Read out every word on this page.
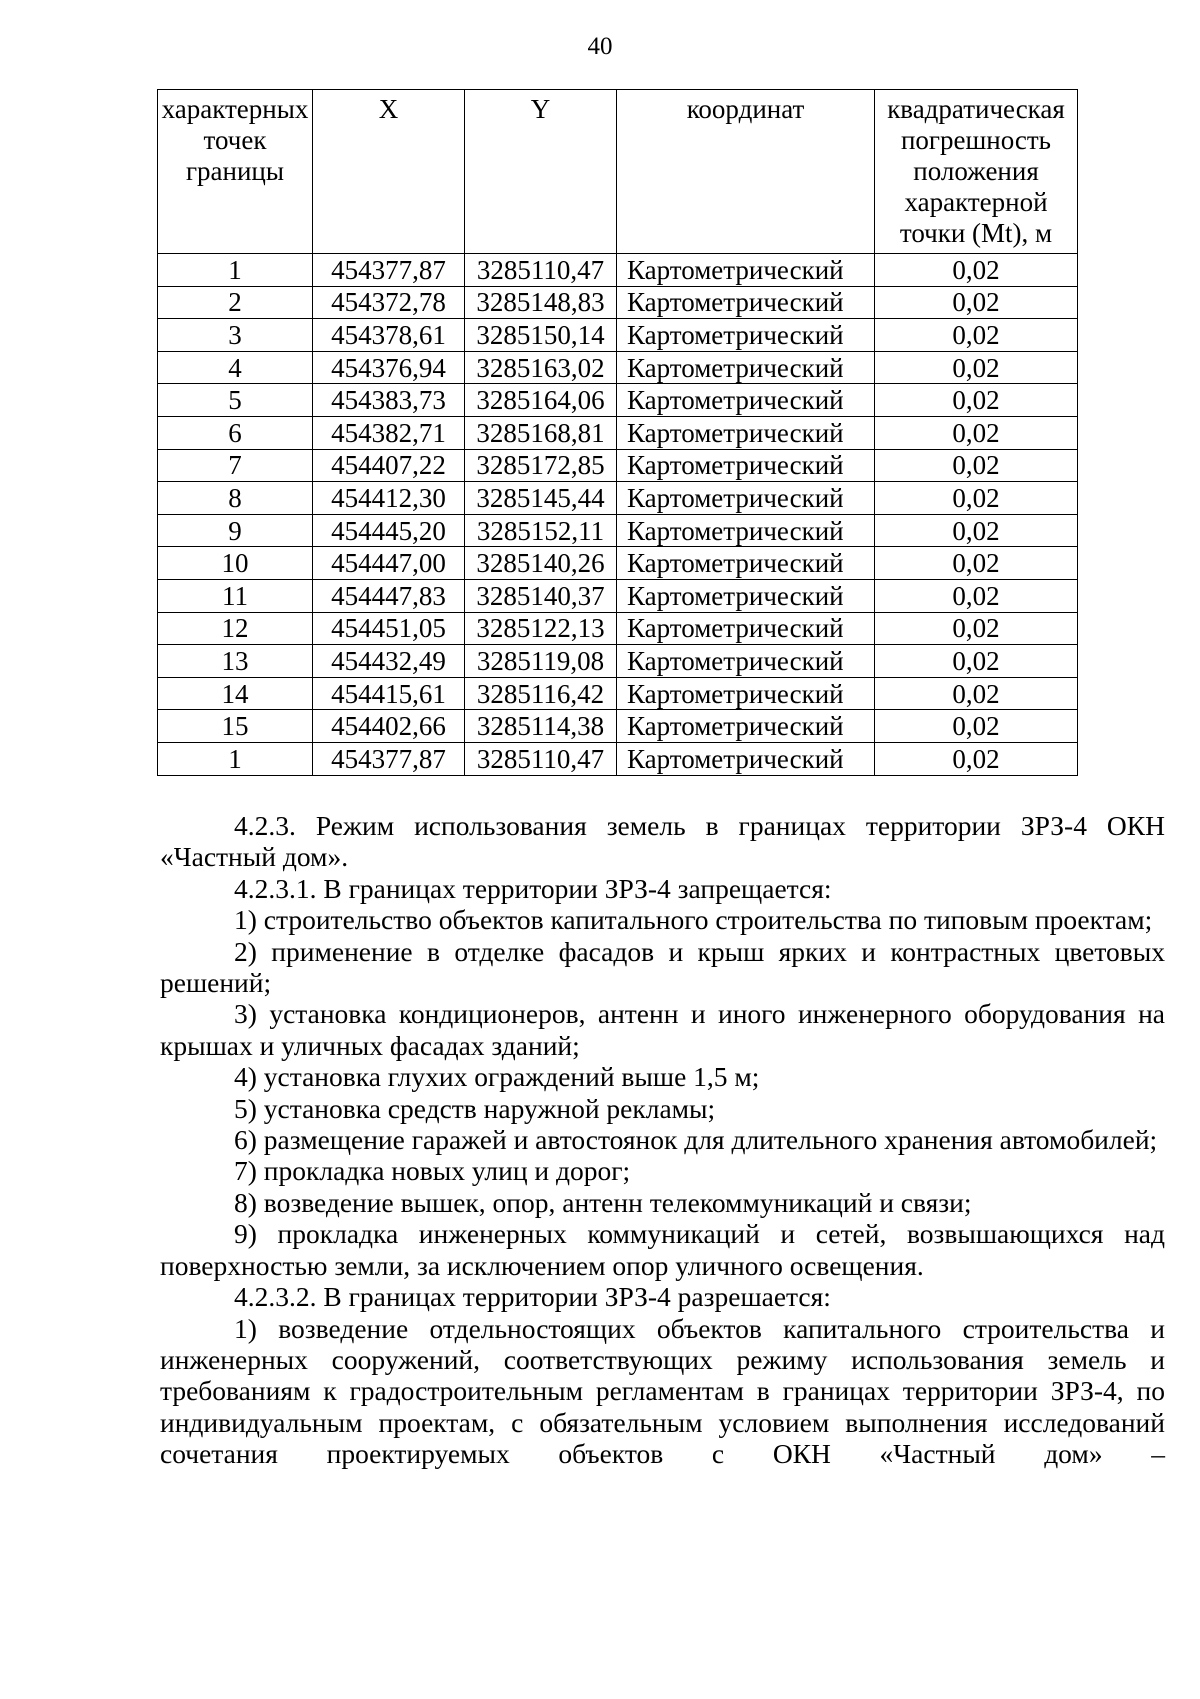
40
характерных точек границы	X	Y	координат	квадратическая погрешность положения характерной точки (Mt), м
1	454377,87	3285110,47	Картометрический	0,02
2	454372,78	3285148,83	Картометрический	0,02
3	454378,61	3285150,14	Картометрический	0,02
4	454376,94	3285163,02	Картометрический	0,02
5	454383,73	3285164,06	Картометрический	0,02
6	454382,71	3285168,81	Картометрический	0,02
7	454407,22	3285172,85	Картометрический	0,02
8	454412,30	3285145,44	Картометрический	0,02
9	454445,20	3285152,11	Картометрический	0,02
10	454447,00	3285140,26	Картометрический	0,02
11	454447,83	3285140,37	Картометрический	0,02
12	454451,05	3285122,13	Картометрический	0,02
13	454432,49	3285119,08	Картометрический	0,02
14	454415,61	3285116,42	Картометрический	0,02
15	454402,66	3285114,38	Картометрический	0,02
1	454377,87	3285110,47	Картометрический	0,02

4.2.3. Режим использования земель в границах территории ЗРЗ-4 ОКН «Частный дом».

4.2.3.1. В границах территории ЗРЗ-4 запрещается:

1) строительство объектов капитального строительства по типовым проектам;

2) применение в отделке фасадов и крыш ярких и контрастных цветовых решений;

3) установка кондиционеров, антенн и иного инженерного оборудования на крышах и уличных фасадах зданий;

4) установка глухих ограждений выше 1,5 м;

5) установка средств наружной рекламы;

6) размещение гаражей и автостоянок для длительного хранения автомобилей;

7) прокладка новых улиц и дорог;

8) возведение вышек, опор, антенн телекоммуникаций и связи;

9) прокладка инженерных коммуникаций и сетей, возвышающихся над поверхностью земли, за исключением опор уличного освещения.

4.2.3.2. В границах территории ЗРЗ-4 разрешается:

1) возведение отдельностоящих объектов капитального строительства и инженерных сооружений, соответствующих режиму использования земель и требованиям к градостроительным регламентам в границах территории ЗРЗ-4, по индивидуальным проектам, с обязательным условием выполнения исследований сочетания проектируемых объектов с ОКН «Частный дом» –
